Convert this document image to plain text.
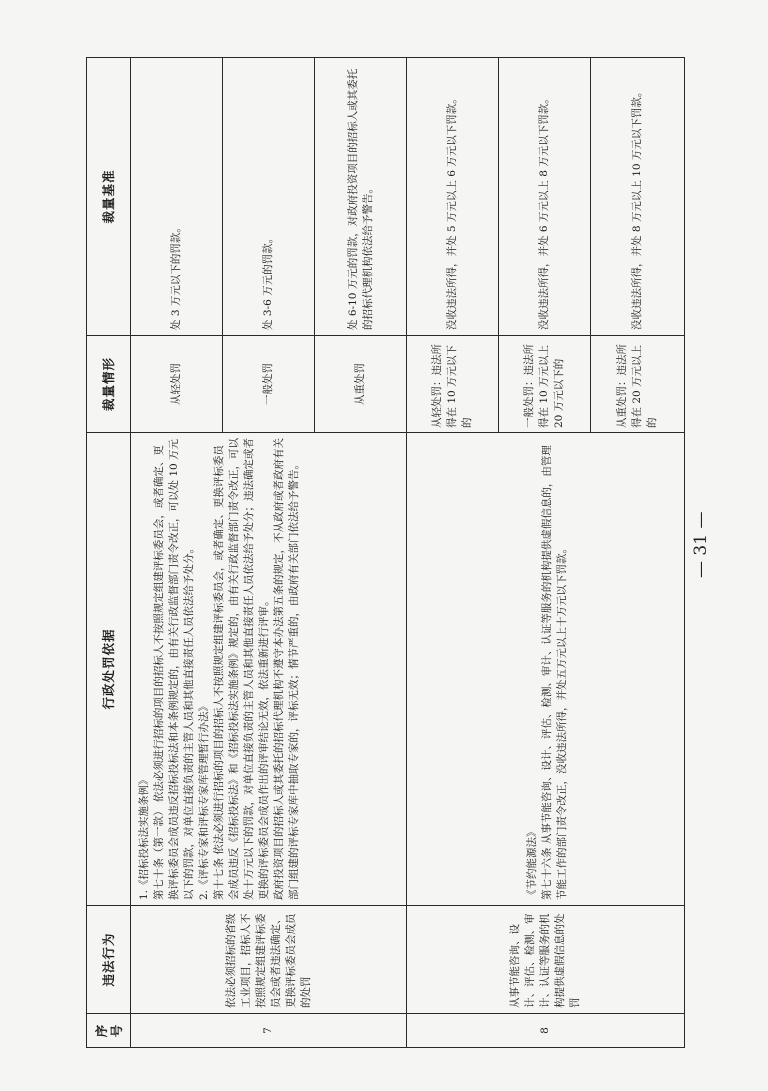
序号	违法行为	行政处罚依据	裁量情形	裁量基准
7	依法必须招标的省级工业项目，招标人不按照规定组建评标委员会或者违法确定、更换评标委员会成员的处罚	1.《招标投标法实施条例》 第七十条（第一款） 依法必须进行招标的项目的招标人不按照规定组建评标委员会，或者确定、更换评标委员会成员违反招标投标法和本条例规定的，由有关行政监督部门责令改正，可以处 10 万元以下的罚款，对单位直接负责的主管人员和其他直接责任人员依法给予处分。 2.《评标专家和评标专家库管理暂行办法》 第十七条 依法必须进行招标的项目的招标人不按照规定组建评标委员会，或者确定、更换评标委员会成员违反《招标投标法》和《招标投标法实施条例》规定的，由有关行政监督部门责令改正，可以处十万元以下的罚款，对单位直接负责的主管人员和其他直接责任人员依法给予处分；违法确定或者更换的评标委员会成员作出的评审结论无效，依法重新进行评审。 政府投资项目的招标人或其委托的招标代理机构不遵守本办法第五条的规定，不从政府或者政府有关部门组建的评标专家库中抽取专家的，评标无效；情节严重的，由政府有关部门依法给予警告。	从轻处罚	处 3 万元以下的罚款。
			一般处罚	处 3-6 万元的罚款。
			从重处罚	处 6-10 万元的罚款，对政府投资项目的招标人或其委托的招标代理机构依法给予警告。
8	从事节能咨询、设计、评估、检测、审计、认证等服务的机构提供虚假信息的处罚	《节约能源法》 第七十六条 从事节能咨询、设计、评估、检测、审计、认证等服务的机构提供虚假信息的，由管理节能工作的部门责令改正，没收违法所得，并处五万元以上十万元以下罚款。	从轻处罚：违法所得在 10 万元以下的	没收违法所得，并处 5 万元以上 6 万元以下罚款。
			一般处罚：违法所得在 10 万元以上 20 万元以下的	没收违法所得，并处 6 万元以上 8 万元以下罚款。
			从重处罚：违法所得在 20 万元以上的	没收违法所得，并处 8 万元以上 10 万元以下罚款。
— 31 —
